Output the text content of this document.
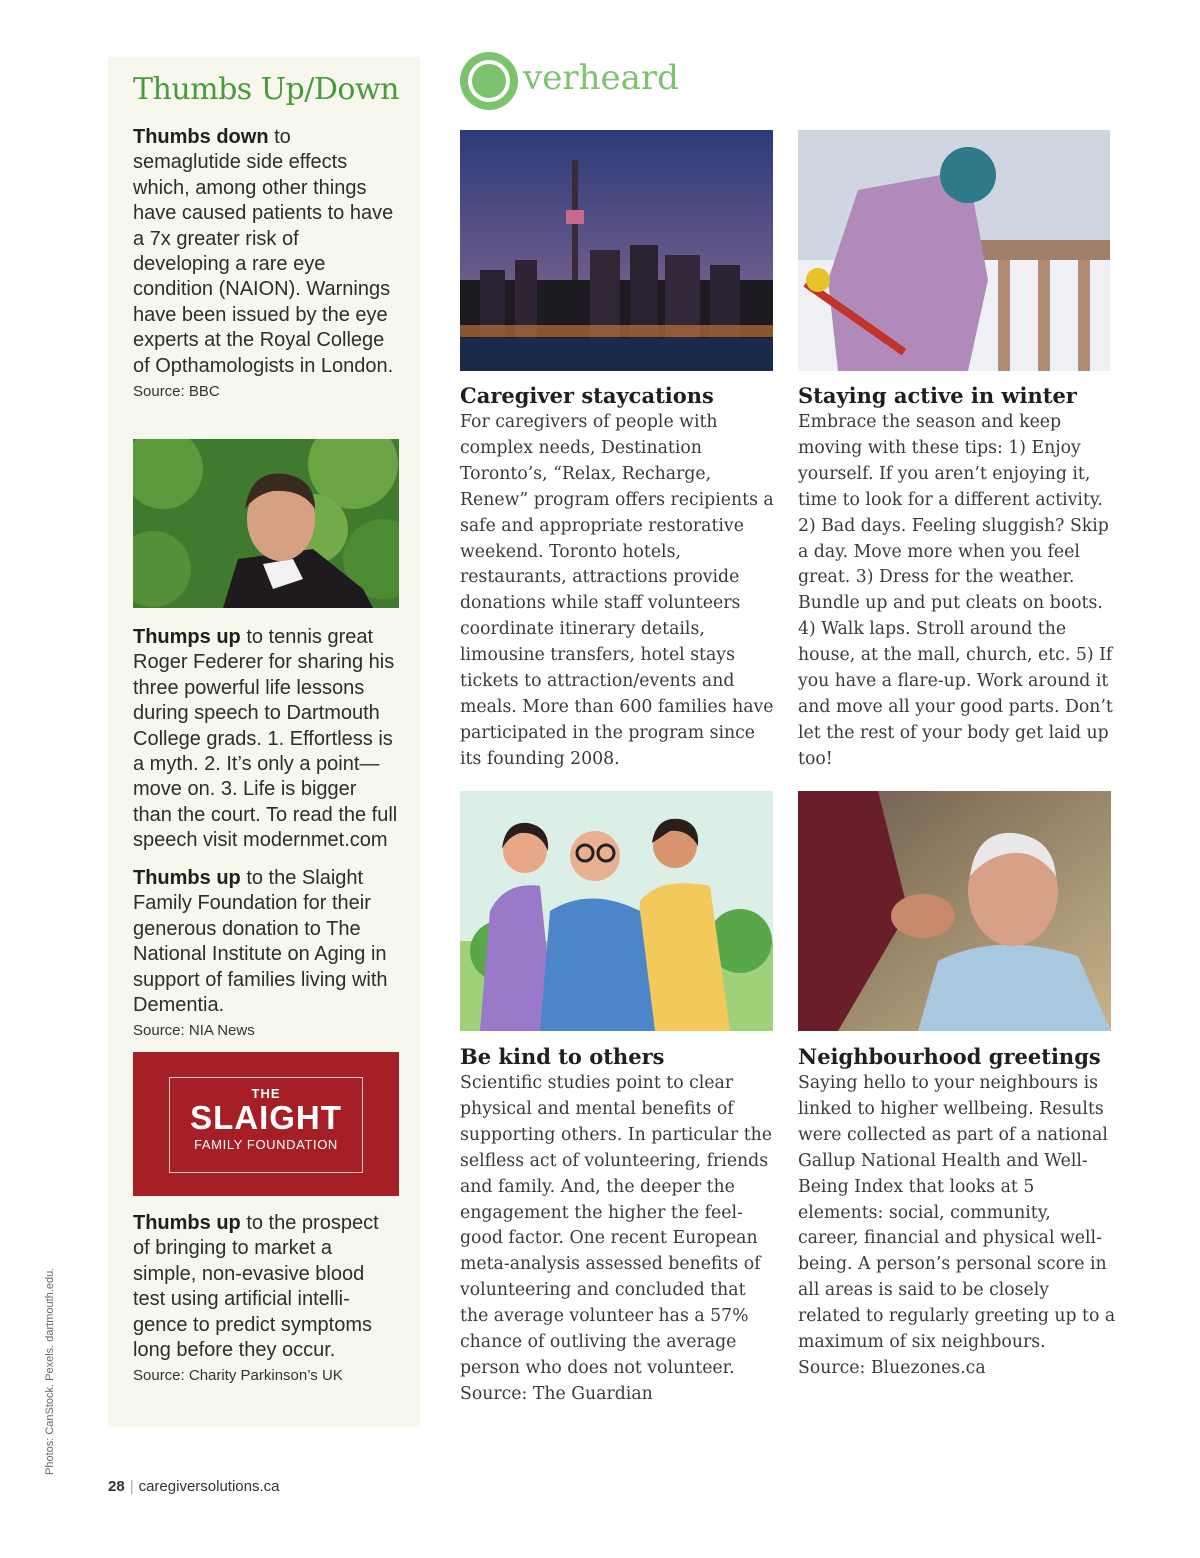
Thumbs Up/Down
Thumbs down to semaglutide side effects which, among other things have caused patients to have a 7x greater risk of developing a rare eye condition (NAION). Warnings have been issued by the eye experts at the Royal College of Opthamologists in London.
Source: BBC
Thumps up to tennis great Roger Federer for sharing his three powerful life lessons during speech to Dartmouth College grads. 1. Effortless is a myth. 2. It’s only a point—move on. 3. Life is bigger than the court. To read the full speech visit modernmet.com
Thumbs up to the Slaight Family Foundation for their generous donation to The National Institute on Aging in support of families living with Dementia.
Source: NIA News
THE
SLAIGHT
FAMILY FOUNDATION
Thumbs up to the prospect of bringing to market a simple, non-evasive blood test using artificial intelli-gence to predict symptoms long before they occur.
Source: Charity Parkinson’s UK
verheard
Caregiver staycations
For caregivers of people with complex needs, Destination Toronto’s, “Relax, Recharge, Renew” program offers recipients a safe and appropriate restorative weekend. Toronto hotels, restaurants, attractions provide donations while staff volunteers coordinate itinerary details, limousine transfers, hotel stays tickets to attraction/events and meals. More than 600 families have participated in the program since its founding 2008.
Staying active in winter
Embrace the season and keep moving with these tips: 1) Enjoy yourself. If you aren’t enjoying it, time to look for a different activity. 2) Bad days. Feeling sluggish? Skip a day. Move more when you feel great. 3) Dress for the weather. Bundle up and put cleats on boots. 4) Walk laps. Stroll around the house, at the mall, church, etc. 5) If you have a flare-up. Work around it and move all your good parts. Don’t let the rest of your body get laid up too!
Be kind to others
Scientific studies point to clear physical and mental benefits of supporting others. In particular the selfless act of volunteering, friends and family. And, the deeper the engagement the higher the feel-good factor. One recent European meta-analysis assessed benefits of volunteering and concluded that the average volunteer has a 57% chance of outliving the average person who does not volunteer.
Source: The Guardian
Neighbourhood greetings
Saying hello to your neighbours is linked to higher wellbeing. Results were collected as part of a national Gallup National Health and Well-Being Index that looks at 5 elements: social, community, career, financial and physical well-being. A person’s personal score in all areas is said to be closely related to regularly greeting up to a maximum of six neighbours.
Source: Bluezones.ca
Photos: CanStock. Pexels. dartmouth.edu.
28 | caregiversolutions.ca
